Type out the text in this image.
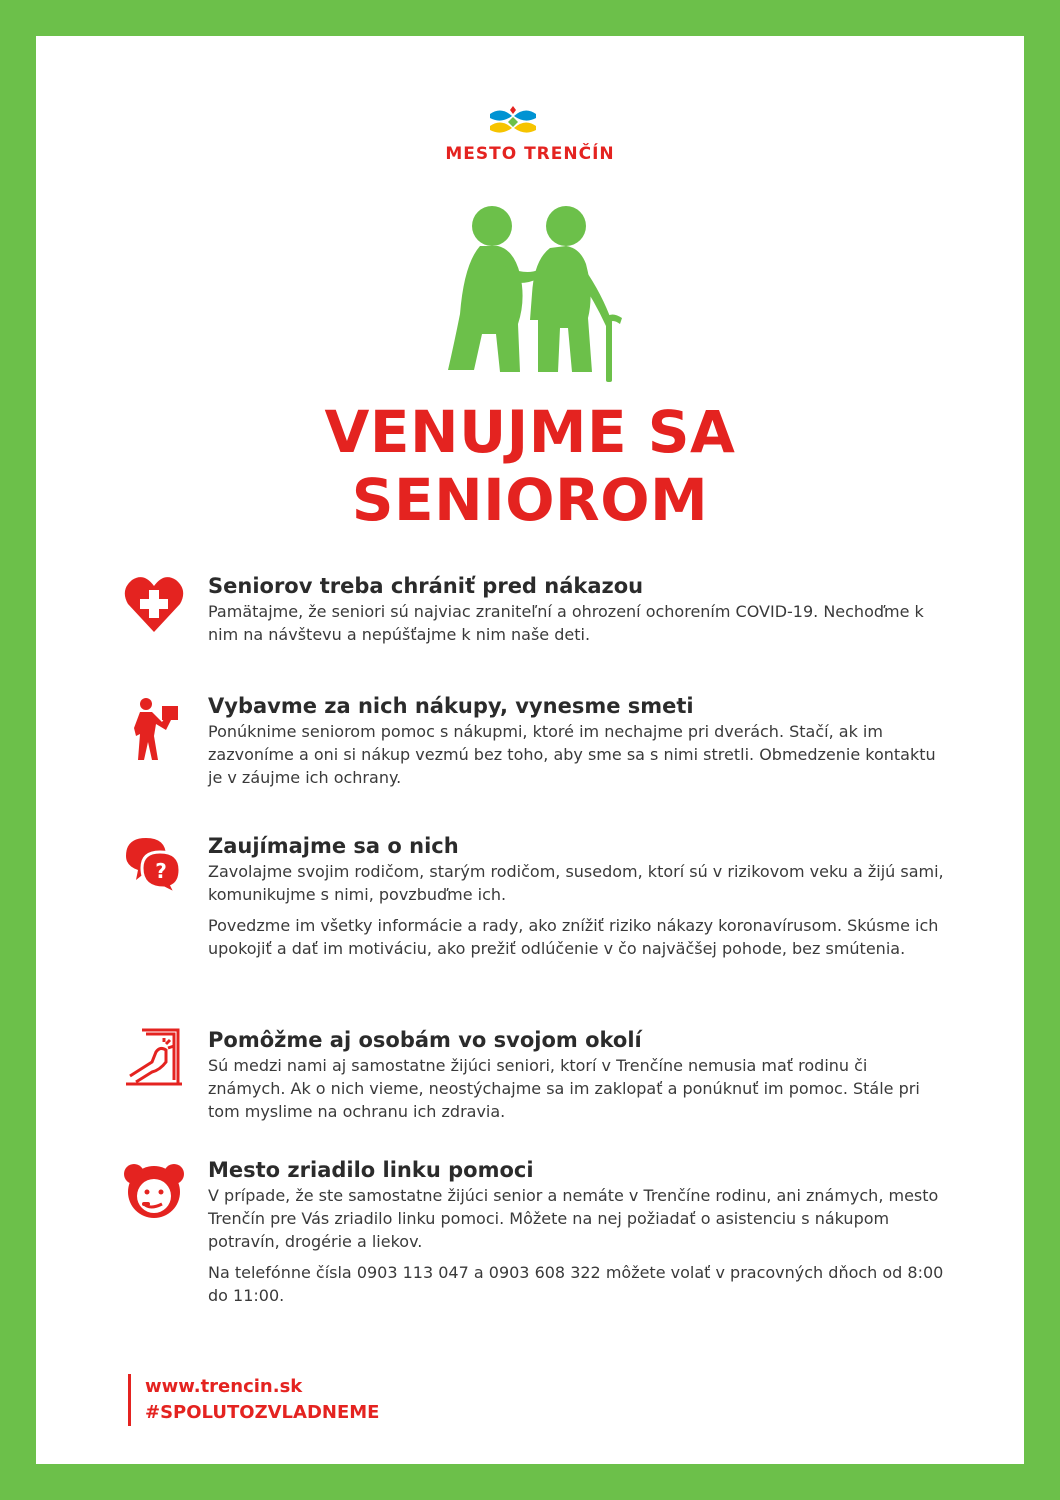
MESTO TRENČÍN
VENUJME SA
SENIOROM
Seniorov treba chrániť pred nákazou

Pamätajme, že seniori sú najviac zraniteľní a ohrození ochorením COVID-19. Nechoďme k nim na návštevu a nepúšťajme k nim naše deti.

Vybavme za nich nákupy, vynesme smeti

Ponúknime seniorom pomoc s nákupmi, ktoré im nechajme pri dverách. Stačí, ak im zazvoníme a oni si nákup vezmú bez toho, aby sme sa s nimi stretli. Obmedzenie kontaktu je v záujme ich ochrany.

?
Zaujímajme sa o nich

Zavolajme svojim rodičom, starým rodičom, susedom, ktorí sú v rizikovom veku a žijú sami, komunikujme s nimi, povzbuďme ich.

Povedzme im všetky informácie a rady, ako znížiť riziko nákazy koronavírusom. Skúsme ich upokojiť a dať im motiváciu, ako prežiť odlúčenie v čo najväčšej pohode, bez smútenia.

Pomôžme aj osobám vo svojom okolí

Sú medzi nami aj samostatne žijúci seniori, ktorí v Trenčíne nemusia mať rodinu či známych. Ak o nich vieme, neostýchajme sa im zaklopať a ponúknuť im pomoc. Stále pri tom myslime na ochranu ich zdravia.

Mesto zriadilo linku pomoci

V prípade, že ste samostatne žijúci senior a nemáte v Trenčíne rodinu, ani známych, mesto Trenčín pre Vás zriadilo linku pomoci. Môžete na nej požiadať o asistenciu s nákupom potravín, drogérie a liekov.

Na telefónne čísla 0903 113 047 a 0903 608 322 môžete volať v pracovných dňoch od 8:00 do 11:00.

www.trencin.sk
#SPOLUTOZVLADNEME
